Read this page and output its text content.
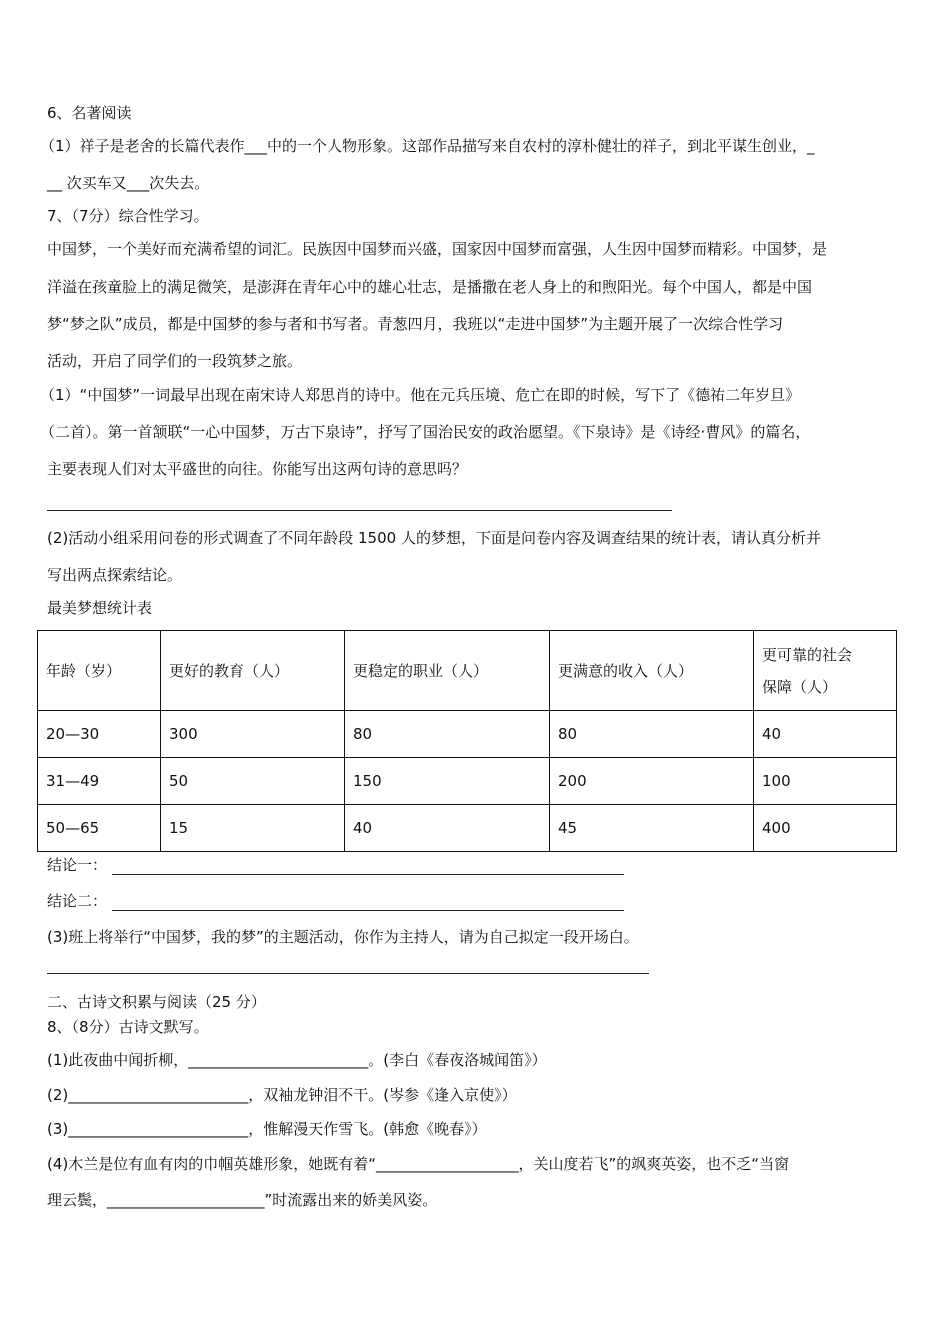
6、名著阅读
（1）祥子是老舍的长篇代表作___中的一个人物形象。这部作品描写来自农村的淳朴健壮的祥子，到北平谋生创业，_
__ 次买车又___次失去。
7、（7分）综合性学习。
中国梦，一个美好而充满希望的词汇。民族因中国梦而兴盛，国家因中国梦而富强，人生因中国梦而精彩。中国梦，是
洋溢在孩童脸上的满足微笑，是澎湃在青年心中的雄心壮志，是播撒在老人身上的和煦阳光。每个中国人，都是中国
梦“梦之队”成员，都是中国梦的参与者和书写者。青葱四月，我班以“走进中国梦”为主题开展了一次综合性学习
活动，开启了同学们的一段筑梦之旅。
（1）“中国梦”一词最早出现在南宋诗人郑思肖的诗中。他在元兵压境、危亡在即的时候，写下了《德祐二年岁旦》
（二首）。第一首颔联“一心中国梦，万古下泉诗”，抒写了国治民安的政治愿望。《下泉诗》是《诗经·曹风》的篇名，
主要表现人们对太平盛世的向往。你能写出这两句诗的意思吗？
(2)活动小组采用问卷的形式调查了不同年龄段 1500 人的梦想，下面是问卷内容及调查结果的统计表，请认真分析并
写出两点探索结论。
最美梦想统计表
年龄（岁）	更好的教育（人）	更稳定的职业（人）	更满意的收入（人）	更可靠的社会
保障（人）
20—30	300	80	80	40
31—49	50	150	200	100
50—65	15	40	45	400
结论一：
结论二：
(3)班上将举行“中国梦，我的梦”的主题活动，你作为主持人，请为自己拟定一段开场白。
二、古诗文积累与阅读（25 分）
8、（8分）古诗文默写。
(1)此夜曲中闻折柳，________________________。(李白《春夜洛城闻笛》）
(2)________________________，双袖龙钟泪不干。(岑参《逢入京使》）
(3)________________________，惟解漫天作雪飞。(韩愈《晚春》）
(4)木兰是位有血有肉的巾帼英雄形象，她既有着“___________________，关山度若飞”的飒爽英姿，也不乏“当窗
理云鬓，_____________________”时流露出来的娇美风姿。
